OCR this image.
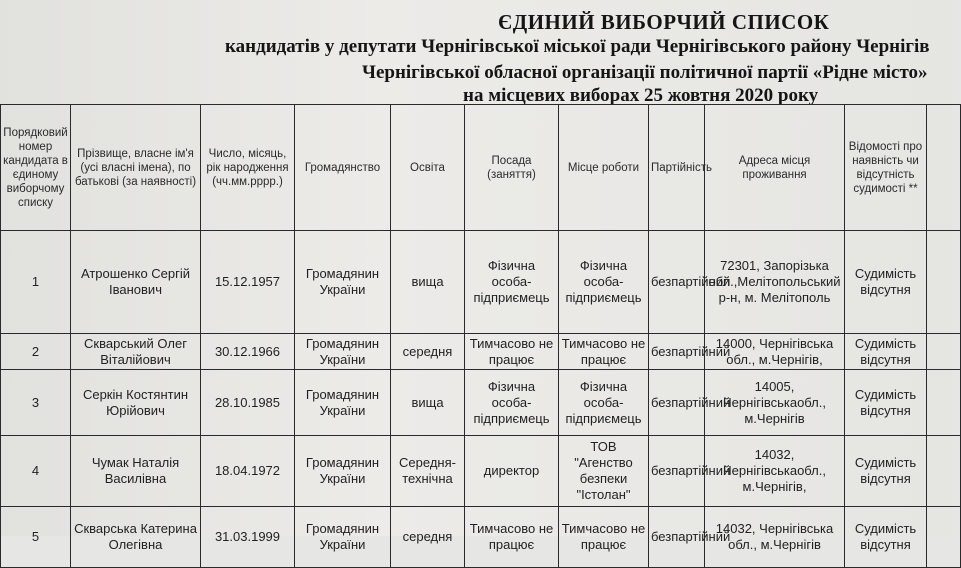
ЄДИНИЙ ВИБОРЧИЙ СПИСОК
кандидатів у депутати Чернігівської міської ради Чернігівського району Чернігів
Чернігівської обласної організації політичної партії «Рідне місто»
на місцевих виборах 25 жовтня 2020 року
Порядковий номер кандидата в єдиному виборчому списку	Прізвище, власне ім'я (усі власні імена), по батькові (за наявності)	Число, місяць, рік народження (чч.мм.рррр.)	Громадянство	Освіта	Посада (заняття)	Місце роботи	Партійність	Адреса місця проживання	Відомості про наявність чи відсутність судимості **	
1	Атрошенко Сергій Іванович	15.12.1957	Громадянин України	вища	Фізична особа-підприємець	Фізична особа-підприємець	безпартійний	72301, Запорізька обл.,Мелітопольський р-н, м. Мелітополь	Судимість відсутня	
2	Скварський Олег Віталійович	30.12.1966	Громадянин України	середня	Тимчасово не працює	Тимчасово не працює	безпартійний	14000, Чернігівська обл., м.Чернігів,	Судимість відсутня	
3	Серкін Костянтин Юрійович	28.10.1985	Громадянин України	вища	Фізична особа-підприємець	Фізична особа-підприємець	безпартійний	14005, Чернігівськаобл., м.Чернігів	Судимість відсутня	
4	Чумак Наталія Василівна	18.04.1972	Громадянин України	Середня-технічна	директор	ТОВ "Агенство безпеки "Істолан"	безпартійний	14032, Чернігівськаобл., м.Чернігів,	Судимість відсутня	
5	Скварська Катерина Олегівна	31.03.1999	Громадянин України	середня	Тимчасово не працює	Тимчасово не працює	безпартійний	14032, Чернігівська обл., м.Чернігів	Судимість відсутня	
